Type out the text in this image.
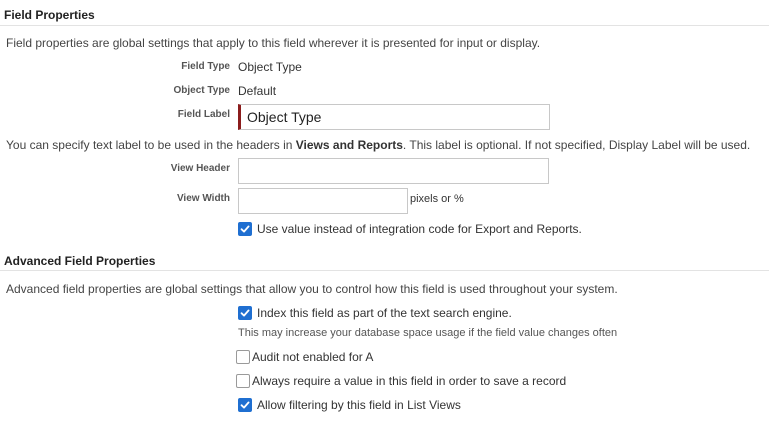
Field Properties
Field properties are global settings that apply to this field wherever it is presented for input or display.
Field Type Object Type
Object Type Default
Field Label
Object Type
You can specify text label to be used in the headers in Views and Reports. This label is optional. If not specified, Display Label will be used.
View Header
View Width	pixels or %
Use value instead of integration code for Export and Reports.
Advanced Field Properties
Advanced field properties are global settings that allow you to control how this field is used throughout your system.
Index this field as part of the text search engine.
This may increase your database space usage if the field value changes often
Audit not enabled for A
Always require a value in this field in order to save a record
Allow filtering by this field in List Views
